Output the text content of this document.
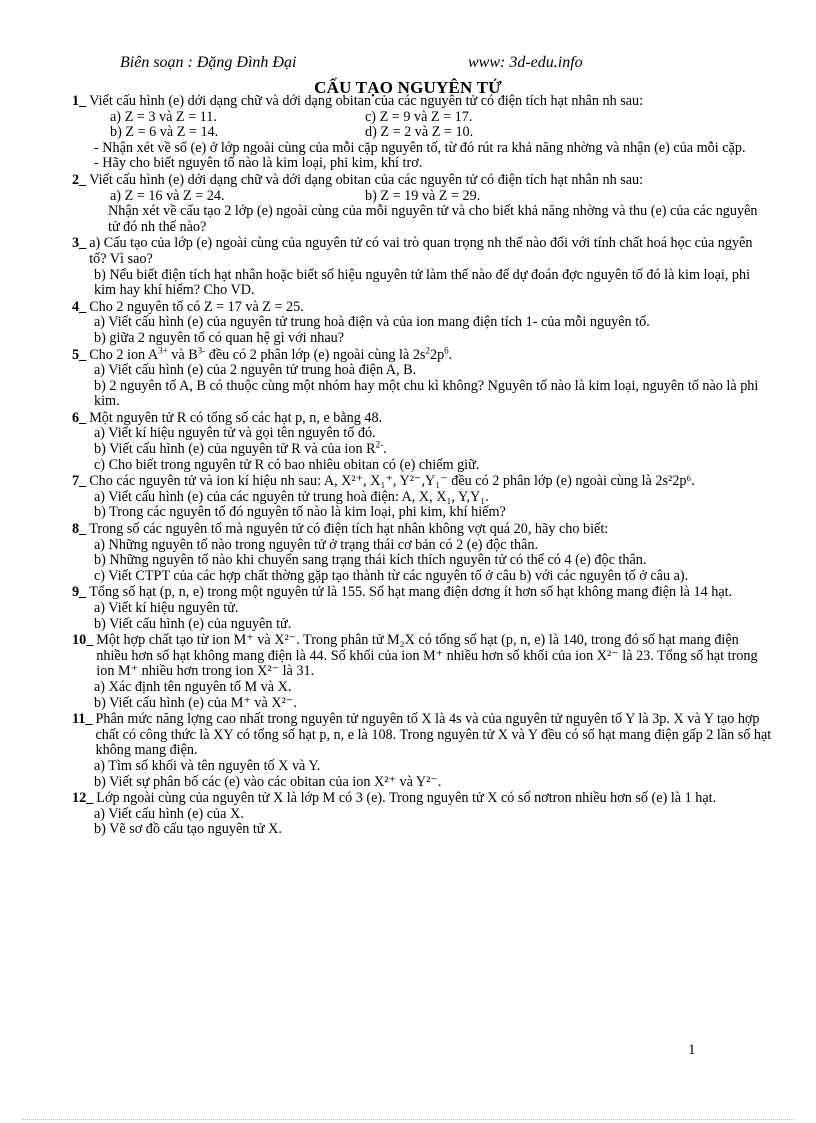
Biên soạn : Đặng Đình Đại	www: 3d-edu.info
CẤU TẠO NGUYÊN TỬ
1_ Viết cấu hình (e) dới dạng chữ và dới dạng obitan của các nguyên tử có điện tích hạt nhân nh sau:
a) Z = 3 và Z = 11.	c) Z = 9 và Z = 17.
b) Z = 6 và Z = 14.	d) Z = 2 và Z = 10.
- Nhận xét về số (e) ở lớp ngoài cùng của mỗi cặp nguyên tố, từ đó rút ra khả năng nhờng và nhận (e) của mỗi cặp.
- Hãy cho biết nguyên tố nào là kim loại, phi kim, khí trơ.
2_ Viết cấu hình (e) dới dạng chữ và dới dạng obitan của các nguyên tử có điện tích hạt nhân nh sau:
a) Z = 16 và Z = 24.	b) Z = 19 và Z = 29.
Nhận xét về cấu tạo 2 lớp (e) ngoài cùng của mỗi nguyên tử và cho biết khả năng nhờng và thu (e) của các nguyên tử đó nh thế nào?
3_ a) Cấu tạo của lớp (e) ngoài cùng của nguyên tử có vai trò quan trọng nh thế nào đối với tính chất hoá học của ngyên tố? Vì sao?
b) Nếu biết điện tích hạt nhân hoặc biết số hiệu nguyên tử làm thế nào để dự đoán đợc nguyên tố đó là kim loại, phi kim hay khí hiếm? Cho VD.
4_ Cho 2 nguyên tố có Z = 17 và Z = 25.
a) Viết cấu hình (e) của nguyên tử trung hoà điện và của ion mang điện tích 1- của mỗi nguyên tố.
b) giữa 2 nguyên tố có quan hệ gì với nhau?
5_ Cho 2 ion $A^{3+}$ và $B^{3-}$ đều có 2 phân lớp (e) ngoài cùng là $2s^22p^6$.
a) Viết cấu hình (e) của 2 nguyên tử trung hoà điện A, B.
b) 2 nguyên tố A, B có thuộc cùng một nhóm hay một chu kì không? Nguyên tố nào là kim loại, nguyên tố nào là phi kim.
6_ Một nguyên tử R có tổng số các hạt p, n, e bằng 48.
a) Viết kí hiệu nguyên tử và gọi tên nguyên tố đó.
b) Viết cấu hình (e) của nguyên tử R và của ion $R^{2-}$.
c) Cho biết trong nguyên tử R có bao nhiêu obitan có (e) chiếm giữ.
7_ Cho các nguyên tử và ion kí hiệu nh sau: A, X²⁺, X₁⁺, Y²⁻,Y₁⁻ đều có 2 phân lớp (e) ngoài cùng là 2s²2p⁶.
a) Viết cấu hình (e) của các nguyên tử trung hoà điện: A, X, X₁, Y,Y₁.
b) Trong các nguyên tố đó nguyên tố nào là kim loại, phi kim, khí hiếm?
8_ Trong số các nguyên tố mà nguyên tử có điện tích hạt nhân không vợt quá 20, hãy cho biết:
a) Những nguyên tố nào trong nguyên tử ở trạng thái cơ bản có 2 (e) độc thân.
b) Những nguyên tố nào khi chuyển sang trạng thái kích thích nguyên tử có thể có 4 (e) độc thân.
c) Viết CTPT của các hợp chất thờng gặp tạo thành từ các nguyên tố ở câu b) với các nguyên tố ở câu a).
9_ Tổng số hạt (p, n, e) trong một nguyên tử là 155. Số hạt mang điện dơng ít hơn số hạt không mang điện là 14 hạt.
a) Viết kí hiệu nguyên tử.
b) Viết cấu hình (e) của nguyên tử.
10_ Một hợp chất tạo từ ion M⁺ và X²⁻. Trong phân tử M₂X có tổng số hạt (p, n, e) là 140, trong đó số hạt mang điện nhiều hơn số hạt không mang điện là 44. Số khối của ion M⁺ nhiều hơn số khối của ion X²⁻ là 23. Tổng số hạt trong ion M⁺ nhiều hơn trong ion X²⁻ là 31.
a) Xác định tên nguyên tố M và X.
b) Viết cấu hình (e) của M⁺ và X²⁻.
11_ Phân mức năng lợng cao nhất trong nguyên tử nguyên tố X là 4s và của nguyên tử nguyên tố Y là 3p. X và Y tạo hợp chất có công thức là XY có tổng số hạt p, n, e là 108. Trong nguyên tử X và Y đều có số hạt mang điện gấp 2 lần số hạt không mang điện.
a) Tìm số khối và tên nguyên tố X và Y.
b) Viết sự phân bố các (e) vào các obitan của ion X²⁺ và Y²⁻.
12_ Lớp ngoài cùng của nguyên tử X là lớp M có 3 (e). Trong nguyên tử X có số nơtron nhiều hơn số (e) là 1 hạt.
a) Viết cấu hình (e) của X.
b) Vẽ sơ đồ cấu tạo nguyên tử X.
1
